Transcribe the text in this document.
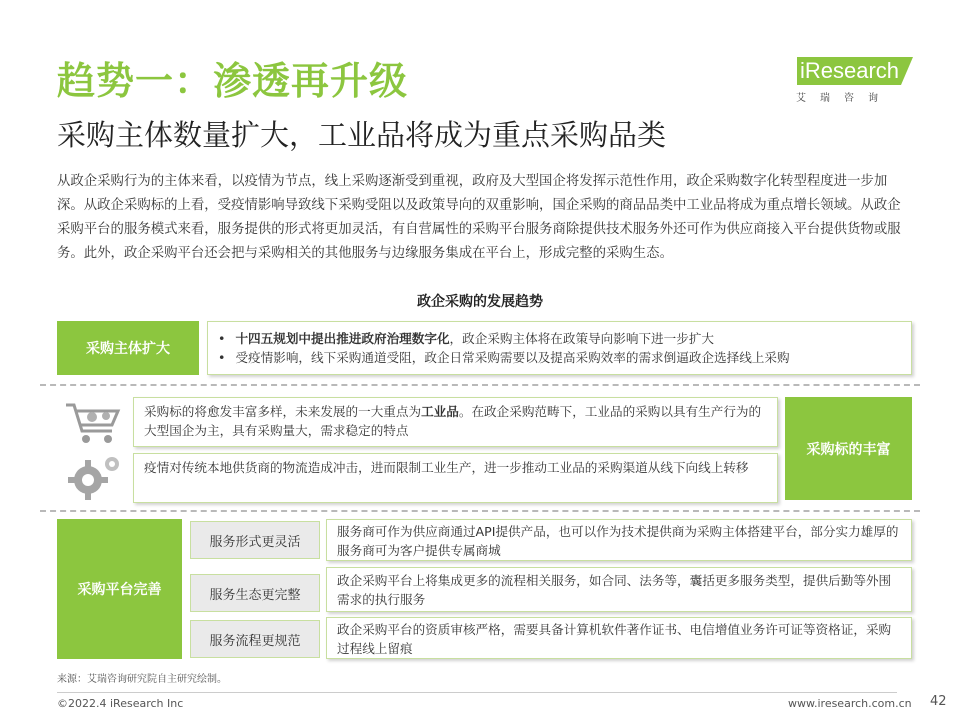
趋势一：渗透再升级
采购主体数量扩大，工业品将成为重点采购品类
iResearch
艾瑞咨询
从政企采购行为的主体来看，以疫情为节点，线上采购逐渐受到重视，政府及大型国企将发挥示范性作用，政企采购数字化转型程度进一步加深。从政企采购标的上看，受疫情影响导致线下采购受阻以及政策导向的双重影响，国企采购的商品品类中工业品将成为重点增长领域。从政企采购平台的服务模式来看，服务提供的形式将更加灵活，有自营属性的采购平台服务商除提供技术服务外还可作为供应商接入平台提供货物或服务。此外，政企采购平台还会把与采购相关的其他服务与边缘服务集成在平台上，形成完整的采购生态。
政企采购的发展趋势
采购主体扩大
• 十四五规划中提出推进政府治理数字化，政企采购主体将在政策导向影响下进一步扩大
• 受疫情影响，线下采购通道受阻，政企日常采购需要以及提高采购效率的需求倒逼政企选择线上采购
采购标的将愈发丰富多样，未来发展的一大重点为工业品。在政企采购范畴下，工业品的采购以具有生产行为的大型国企为主，具有采购量大，需求稳定的特点
疫情对传统本地供货商的物流造成冲击，进而限制工业生产，进一步推动工业品的采购渠道从线下向线上转移
采购标的丰富
采购平台完善
服务形式更灵活
服务生态更完整
服务流程更规范
服务商可作为供应商通过API提供产品，也可以作为技术提供商为采购主体搭建平台，部分实力雄厚的服务商可为客户提供专属商城
政企采购平台上将集成更多的流程相关服务，如合同、法务等，囊括更多服务类型，提供后勤等外围需求的执行服务
政企采购平台的资质审核严格，需要具备计算机软件著作证书、电信增值业务许可证等资格证，采购过程线上留痕
来源：艾瑞咨询研究院自主研究绘制。
©2022.4 iResearch Inc	www.iresearch.com.cn 42
